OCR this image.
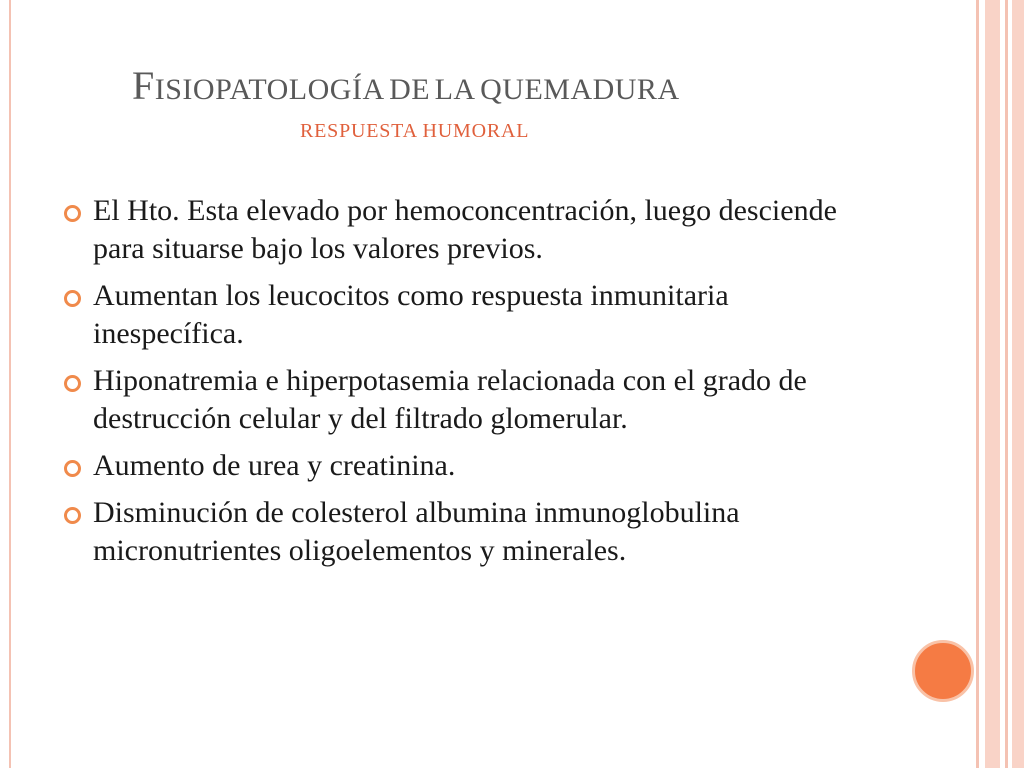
FISIOPATOLOGÍA DE LA QUEMADURA
RESPUESTA HUMORAL
El Hto. Esta elevado por hemoconcentración, luego desciende para situarse bajo los valores previos.
Aumentan los leucocitos como respuesta inmunitaria inespecífica.
Hiponatremia e hiperpotasemia relacionada con el grado de destrucción celular y del filtrado glomerular.
Aumento de urea y creatinina.
Disminución de colesterol albumina inmunoglobulina micronutrientes oligoelementos y minerales.
